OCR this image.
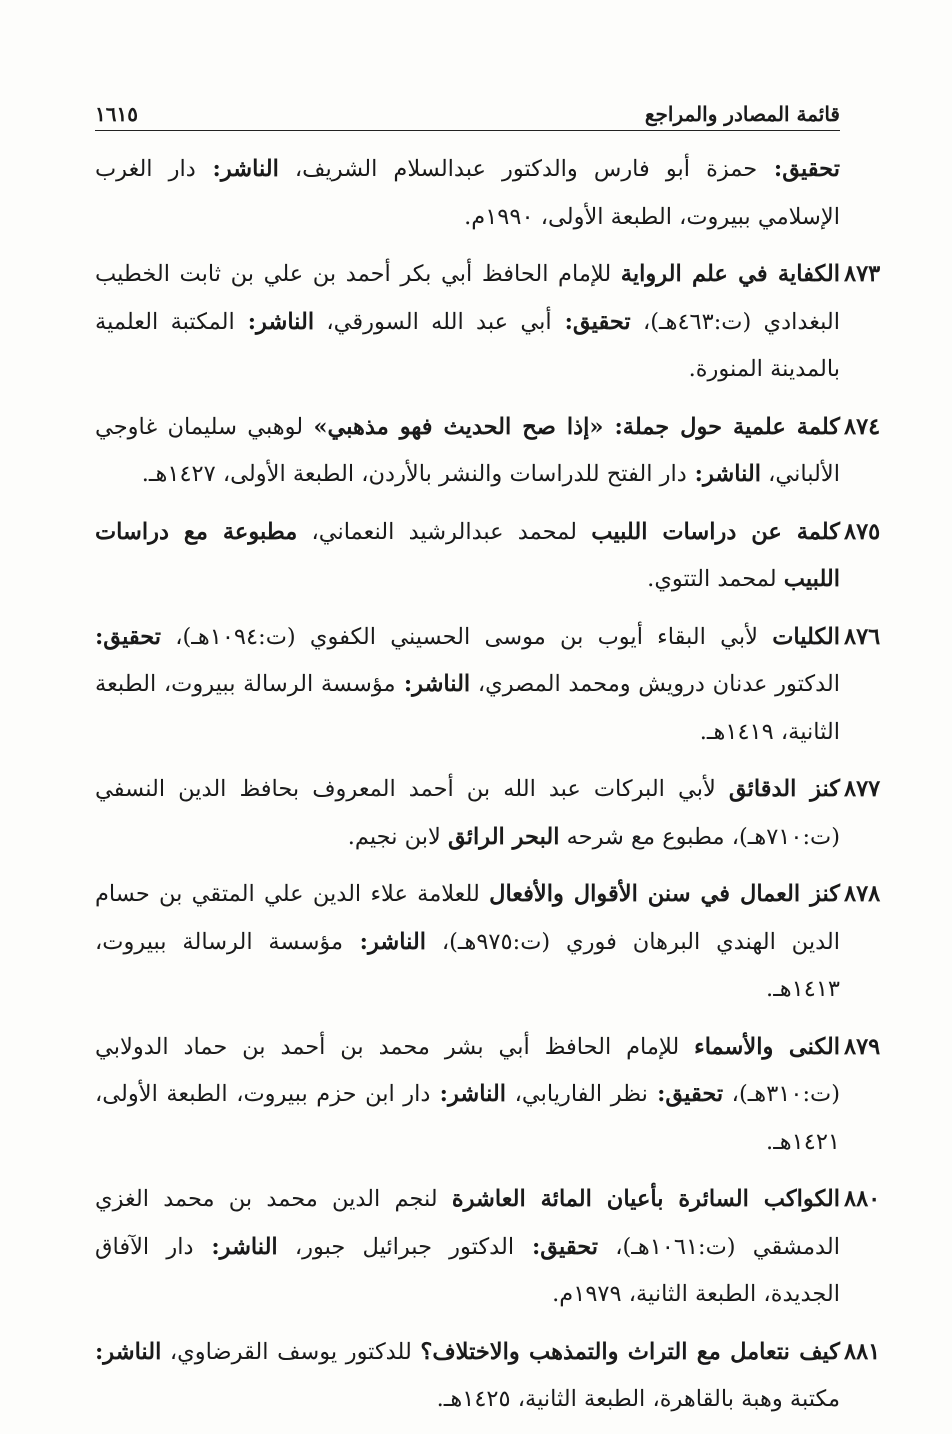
قائمة المصادر والمراجع
١٦١٥
تحقيق: حمزة أبو فارس والدكتور عبدالسلام الشريف، الناشر: دار الغرب الإسلامي ببيروت، الطبعة الأولى، ١٩٩٠م.
٨٧٣
الكفاية في علم الرواية للإمام الحافظ أبي بكر أحمد بن علي بن ثابت الخطيب البغدادي (ت:٤٦٣هـ)، تحقيق: أبي عبد الله السورقي، الناشر: المكتبة العلمية بالمدينة المنورة.
٨٧٤
كلمة علمية حول جملة: «إذا صح الحديث فهو مذهبي» لوهبي سليمان غاوجي الألباني، الناشر: دار الفتح للدراسات والنشر بالأردن، الطبعة الأولى، ١٤٢٧هـ.
٨٧٥
كلمة عن دراسات اللبيب لمحمد عبدالرشيد النعماني، مطبوعة مع دراسات اللبيب لمحمد التتوي.
٨٧٦
الكليات لأبي البقاء أيوب بن موسى الحسيني الكفوي (ت:١٠٩٤هـ)، تحقيق: الدكتور عدنان درويش ومحمد المصري، الناشر: مؤسسة الرسالة ببيروت، الطبعة الثانية، ١٤١٩هـ.
٨٧٧
كنز الدقائق لأبي البركات عبد الله بن أحمد المعروف بحافظ الدين النسفي (ت:٧١٠هـ)، مطبوع مع شرحه البحر الرائق لابن نجيم.
٨٧٨
كنز العمال في سنن الأقوال والأفعال للعلامة علاء الدين علي المتقي بن حسام الدين الهندي البرهان فوري (ت:٩٧٥هـ)، الناشر: مؤسسة الرسالة ببيروت، ١٤١٣هـ.
٨٧٩
الكنى والأسماء للإمام الحافظ أبي بشر محمد بن أحمد بن حماد الدولابي (ت:٣١٠هـ)، تحقيق: نظر الفاريابي، الناشر: دار ابن حزم ببيروت، الطبعة الأولى، ١٤٢١هـ.
٨٨٠
الكواكب السائرة بأعيان المائة العاشرة لنجم الدين محمد بن محمد الغزي الدمشقي (ت:١٠٦١هـ)، تحقيق: الدكتور جبرائيل جبور، الناشر: دار الآفاق الجديدة، الطبعة الثانية، ١٩٧٩م.
٨٨١
كيف نتعامل مع التراث والتمذهب والاختلاف؟ للدكتور يوسف القرضاوي، الناشر: مكتبة وهبة بالقاهرة، الطبعة الثانية، ١٤٢٥هـ.
